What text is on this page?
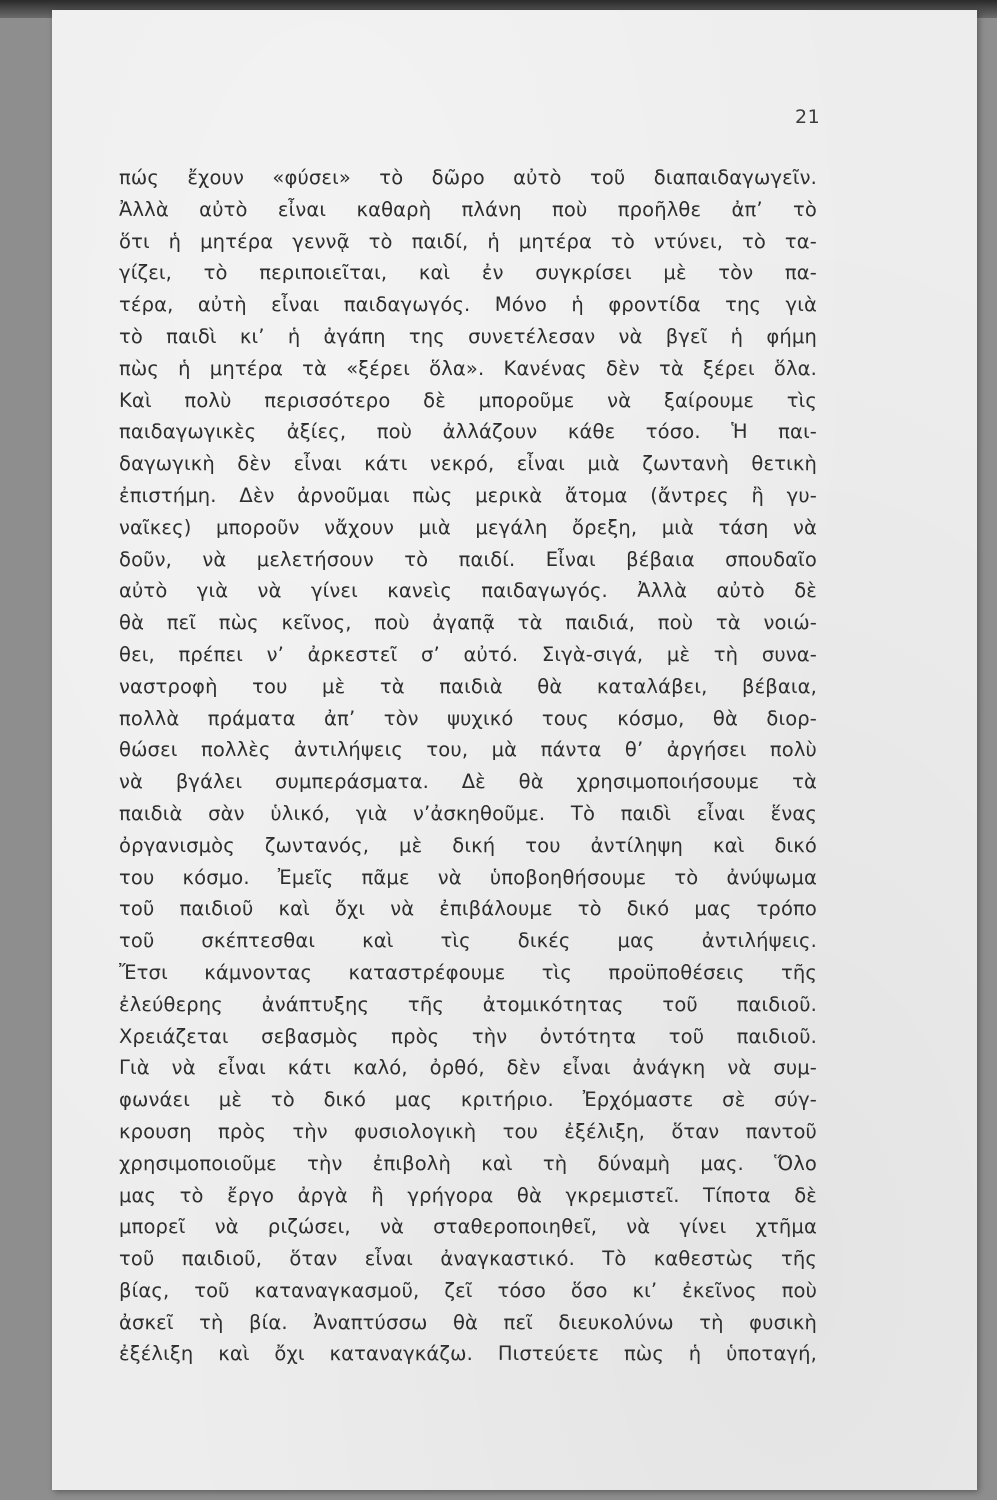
21

πώς ἔχουν «φύσει» τὸ δῶρο αὐτὸ τοῦ διαπαιδαγωγεῖν.
Ἀλλὰ αὐτὸ εἶναι καθαρὴ πλάνη ποὺ προῆλθε ἀπ’ τὸ
ὅτι ἡ μητέρα γεννᾷ τὸ παιδί, ἡ μητέρα τὸ ντύνει, τὸ τα-
γίζει, τὸ περιποιεῖται, καὶ ἐν συγκρίσει μὲ τὸν πα-
τέρα, αὐτὴ εἶναι παιδαγωγός. Μόνο ἡ φροντίδα της γιὰ
τὸ παιδὶ κι’ ἡ ἀγάπη της συνετέλεσαν νὰ βγεῖ ἡ φήμη
πὼς ἡ μητέρα τὰ «ξέρει ὅλα». Κανένας δὲν τὰ ξέρει ὅλα.
Καὶ πολὺ περισσότερο δὲ μποροῦμε νὰ ξαίρουμε τὶς
παιδαγωγικὲς ἀξίες, ποὺ ἀλλάζουν κάθε τόσο. Ἡ παι-
δαγωγικὴ δὲν εἶναι κάτι νεκρό, εἶναι μιὰ ζωντανὴ θετικὴ
ἐπιστήμη. Δὲν ἀρνοῦμαι πὼς μερικὰ ἄτομα (ἄντρες ἢ γυ-
ναῖκες) μποροῦν νἄχουν μιὰ μεγάλη ὄρεξη, μιὰ τάση νὰ
δοῦν, νὰ μελετήσουν τὸ παιδί. Εἶναι βέβαια σπουδαῖο
αὐτὸ γιὰ νὰ γίνει κανεὶς παιδαγωγός. Ἀλλὰ αὐτὸ δὲ
θὰ πεῖ πὼς κεῖνος, ποὺ ἀγαπᾷ τὰ παιδιά, ποὺ τὰ νοιώ-
θει, πρέπει ν’ ἀρκεστεῖ σ’ αὐτό. Σιγὰ-σιγά, μὲ τὴ συνα-
ναστροφὴ του μὲ τὰ παιδιὰ θὰ καταλάβει, βέβαια,
πολλὰ πράματα ἀπ’ τὸν ψυχικό τους κόσμο, θὰ διορ-
θώσει πολλὲς ἀντιλήψεις του, μὰ πάντα θ’ ἀργήσει πολὺ
νὰ βγάλει συμπεράσματα. Δὲ θὰ χρησιμοποιήσουμε τὰ
παιδιὰ σὰν ὑλικό, γιὰ ν’ἀσκηθοῦμε. Τὸ παιδὶ εἶναι ἕνας
ὀργανισμὸς ζωντανός, μὲ δική του ἀντίληψη καὶ δικό
του κόσμο. Ἐμεῖς πᾶμε νὰ ὑποβοηθήσουμε τὸ ἀνύψωμα
τοῦ παιδιοῦ καὶ ὄχι νὰ ἐπιβάλουμε τὸ δικό μας τρόπο
τοῦ σκέπτεσθαι καὶ τὶς δικές μας ἀντιλήψεις.
Ἔτσι κάμνοντας καταστρέφουμε τὶς προϋποθέσεις τῆς
ἐλεύθερης ἀνάπτυξης τῆς ἀτομικότητας τοῦ παιδιοῦ.
Χρειάζεται σεβασμὸς πρὸς τὴν ὀντότητα τοῦ παιδιοῦ.
Γιὰ νὰ εἶναι κάτι καλό, ὀρθό, δὲν εἶναι ἀνάγκη νὰ συμ-
φωνάει μὲ τὸ δικό μας κριτήριο. Ἐρχόμαστε σὲ σύγ-
κρουση πρὸς τὴν φυσιολογικὴ του ἐξέλιξη, ὅταν παντοῦ
χρησιμοποιοῦμε τὴν ἐπιβολὴ καὶ τὴ δύναμὴ μας. Ὅλο
μας τὸ ἔργο ἀργὰ ἢ γρήγορα θὰ γκρεμιστεῖ. Τίποτα δὲ
μπορεῖ νὰ ριζώσει, νὰ σταθεροποιηθεῖ, νὰ γίνει χτῆμα
τοῦ παιδιοῦ, ὅταν εἶναι ἀναγκαστικό. Τὸ καθεστὼς τῆς
βίας, τοῦ καταναγκασμοῦ, ζεῖ τόσο ὅσο κι’ ἐκεῖνος ποὺ
ἀσκεῖ τὴ βία. Ἀναπτύσσω θὰ πεῖ διευκολύνω τὴ φυσικὴ
ἐξέλιξη καὶ ὄχι καταναγκάζω. Πιστεύετε πὼς ἡ ὑποταγή,
